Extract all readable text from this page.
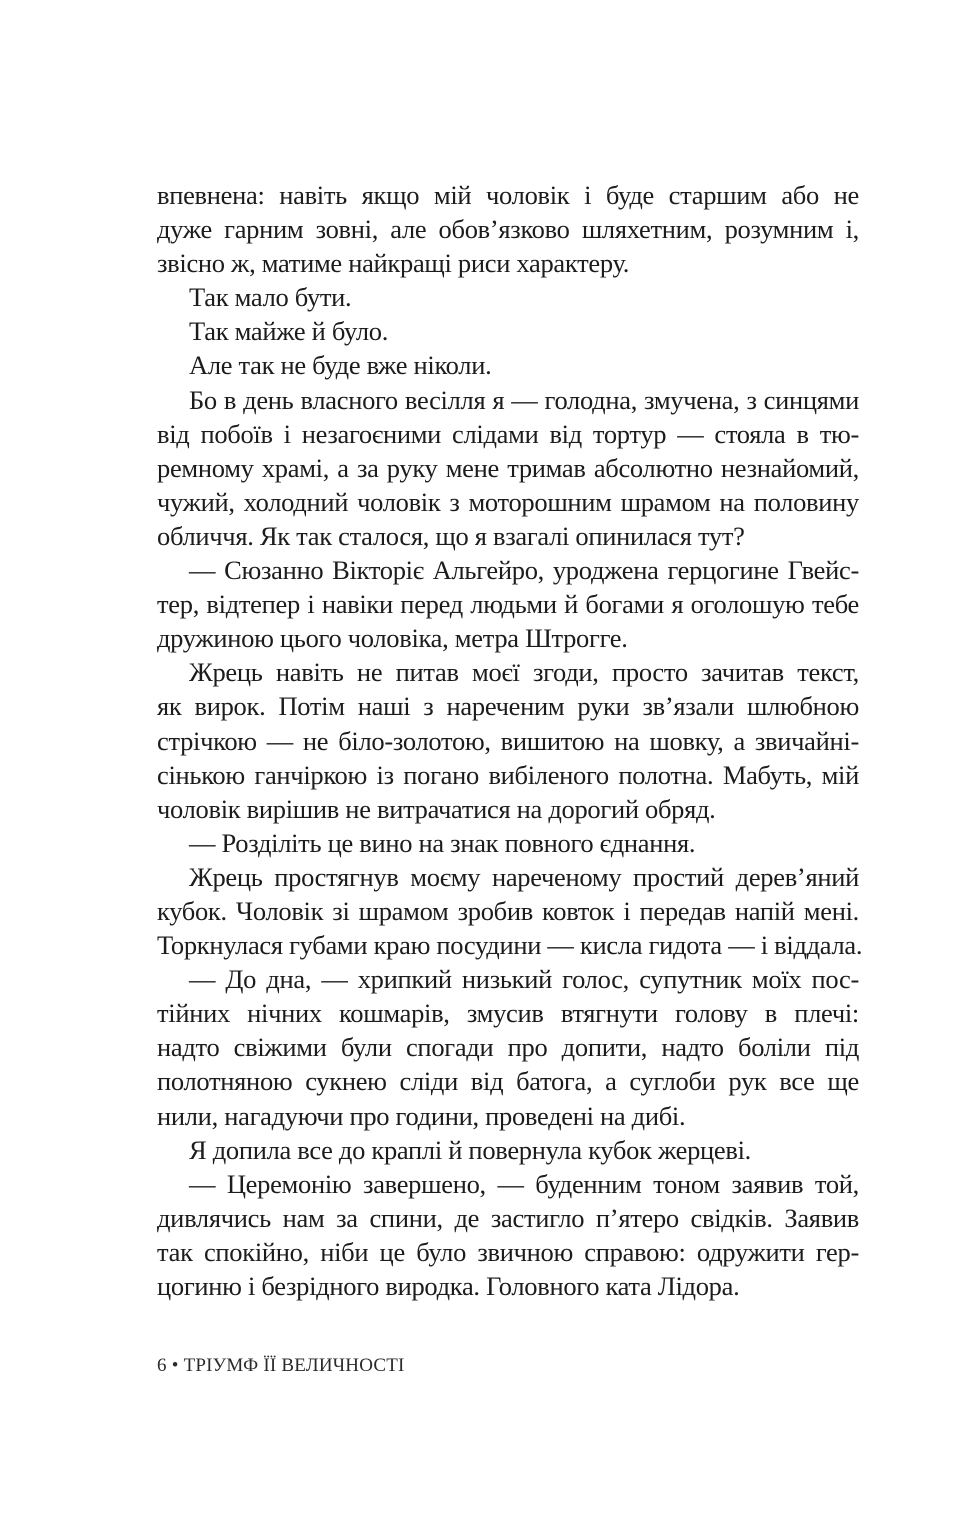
впевнена: навіть якщо мій чоловік і буде старшим або не
дуже гарним зовні, але обов’язково шляхетним, розумним і,
звісно ж, матиме найкращі риси характеру.
Так мало бути.
Так майже й було.
Але так не буде вже ніколи.
Бо в день власного весілля я — голодна, змучена, з синцями
від побоїв і незагоєними слідами від тортур — стояла в тю-
ремному храмі, а за руку мене тримав абсолютно незнайомий,
чужий, холодний чоловік з моторошним шрамом на половину
обличчя. Як так сталося, що я взагалі опинилася тут?
— Сюзанно Вікторіє Альгейро, уроджена герцогине Гвейс-
тер, відтепер і навіки перед людьми й богами я оголошую тебе
дружиною цього чоловіка, метра Штрогге.
Жрець навіть не питав моєї згоди, просто зачитав текст,
як вирок. Потім наші з нареченим руки зв’язали шлюбною
стрічкою — не біло-золотою, вишитою на шовку, а звичайні-
сінькою ганчіркою із погано вибіленого полотна. Мабуть, мій
чоловік вирішив не витрачатися на дорогий обряд.
— Розділіть це вино на знак повного єднання.
Жрець простягнув моєму нареченому простий дерев’яний
кубок. Чоловік зі шрамом зробив ковток і передав напій мені.
Торкнулася губами краю посудини — кисла гидота — і віддала.
— До дна, — хрипкий низький голос, супутник моїх пос-
тійних нічних кошмарів, змусив втягнути голову в плечі:
надто свіжими були спогади про допити, надто боліли під
полотняною сукнею сліди від батога, а суглоби рук все ще
нили, нагадуючи про години, проведені на дибі.
Я допила все до краплі й повернула кубок жерцеві.
— Церемонію завершено, — буденним тоном заявив той,
дивлячись нам за спини, де застигло п’ятеро свідків. Заявив
так спокійно, ніби це було звичною справою: одружити гер-
цогиню і безрідного виродка. Головного ката Лідора.
6 • ТРІУМФ ЇЇ ВЕЛИЧНОСТІ
